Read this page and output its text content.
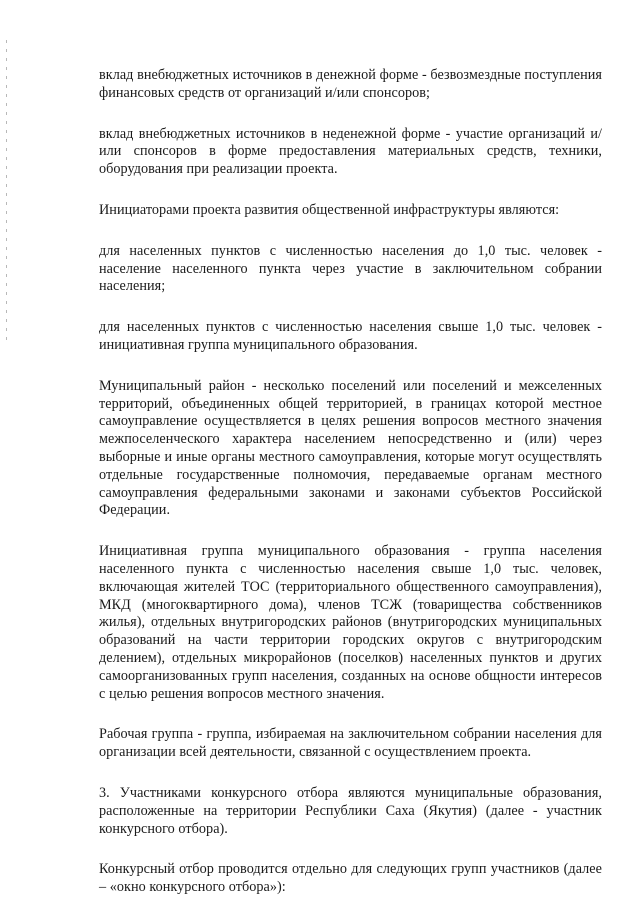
вклад внебюджетных источников в денежной форме - безвозмездные поступления финансовых средств от организаций и/или спонсоров;

вклад внебюджетных источников в неденежной форме - участие организаций и/или спонсоров в форме предоставления материальных средств, техники, оборудования при реализации проекта.

Инициаторами проекта развития общественной инфраструктуры являются:

для населенных пунктов с численностью населения до 1,0 тыс. человек - население населенного пункта через участие в заключительном собрании населения;

для населенных пунктов с численностью населения свыше 1,0 тыс. человек - инициативная группа муниципального образования.

Муниципальный район - несколько поселений или поселений и межселенных территорий, объединенных общей территорией, в границах которой местное самоуправление осуществляется в целях решения вопросов местного значения межпоселенческого характера населением непосредственно и (или) через выборные и иные органы местного самоуправления, которые могут осуществлять отдельные государственные полномочия, передаваемые органам местного самоуправления федеральными законами и законами субъектов Российской Федерации.

Инициативная группа муниципального образования - группа населения населенного пункта с численностью населения свыше 1,0 тыс. человек, включающая жителей ТОС (территориального общественного самоуправления), МКД (многоквартирного дома), членов ТСЖ (товарищества собственников жилья), отдельных внутригородских районов (внутригородских муниципальных образований на части территории городских округов с внутригородским делением), отдельных микрорайонов (поселков) населенных пунктов и других самоорганизованных групп населения, созданных на основе общности интересов с целью решения вопросов местного значения.

Рабочая группа - группа, избираемая на заключительном собрании населения для организации всей деятельности, связанной с осуществлением проекта.

3. Участниками конкурсного отбора являются муниципальные образования, расположенные на территории Республики Саха (Якутия) (далее - участник конкурсного отбора).

Конкурсный отбор проводится отдельно для следующих групп участников (далее – «окно конкурсного отбора»):
